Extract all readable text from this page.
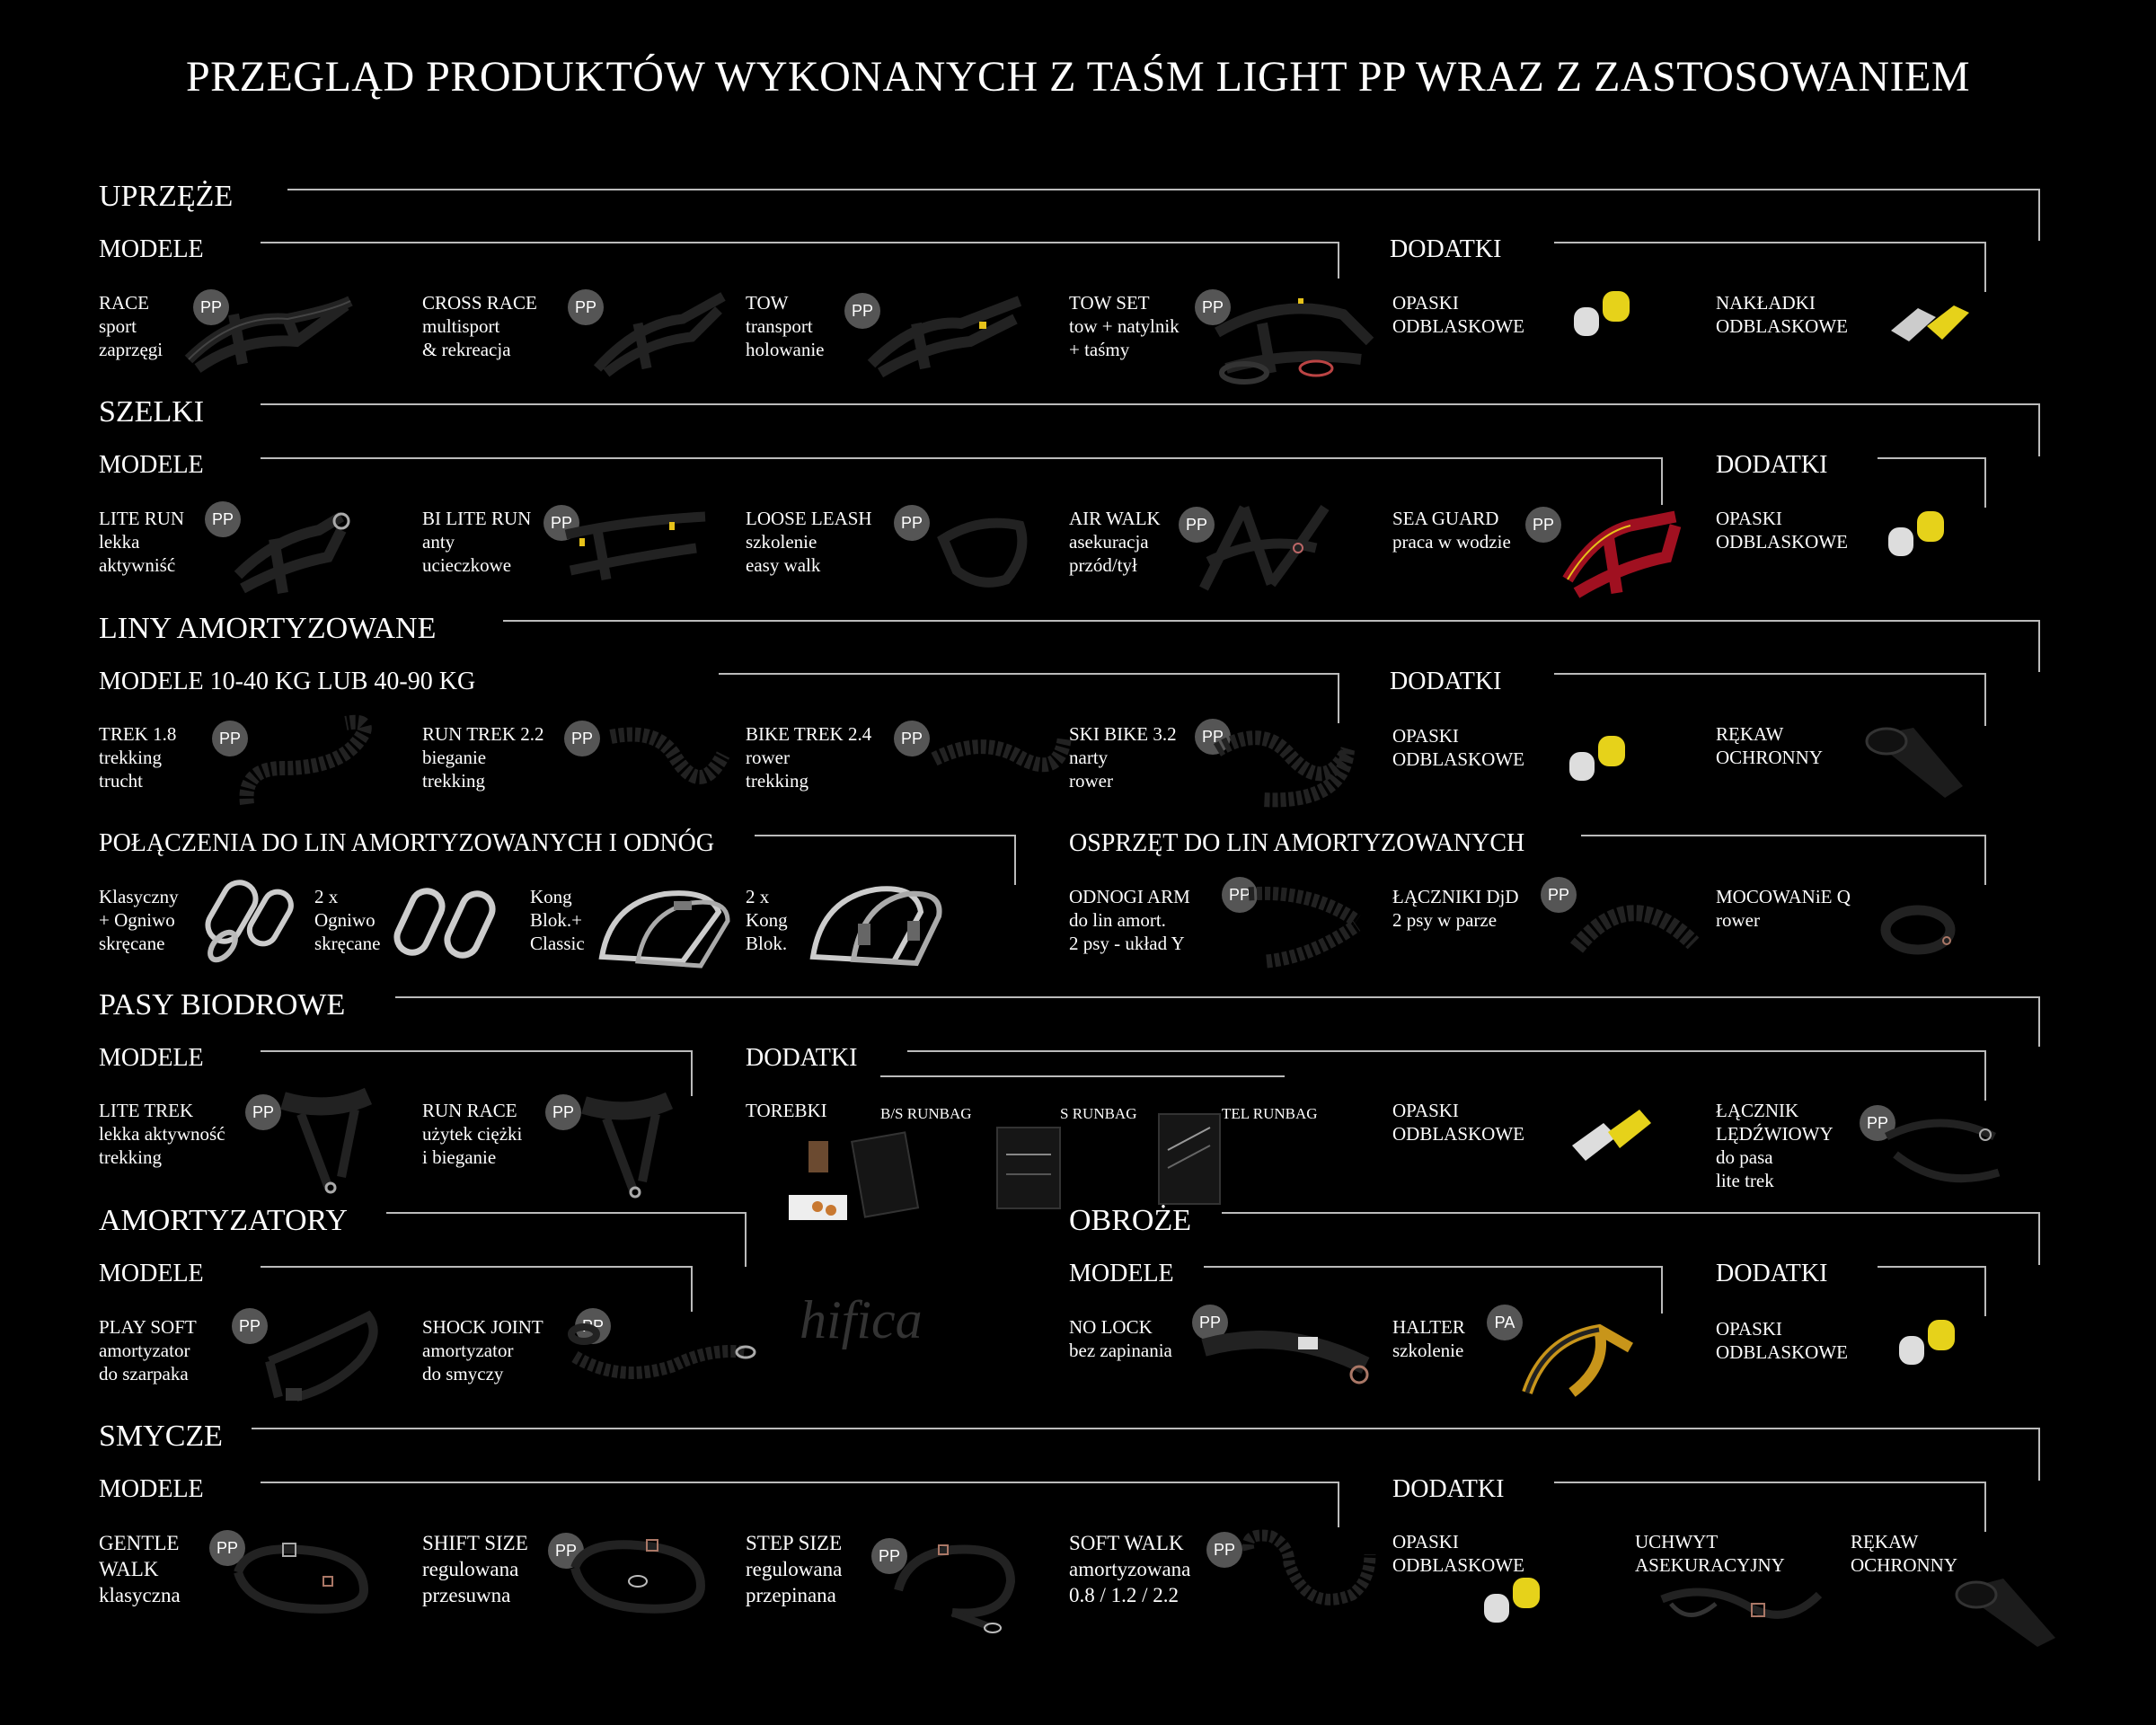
PRZEGLĄD PRODUKTÓW WYKONANYCH Z TAŚM LIGHT PP WRAZ Z ZASTOSOWANIEM
UPRZĘŻE
MODELE	DODATKI
RACE
sport
zaprzęgi
PP	CROSS RACE
multisport
& rekreacja
PP	TOW
transport
holowanie
PP	TOW SET
tow + natylnik
+ taśmy
PP	OPASKI
ODBLASKOWE
NAKŁADKI
ODBLASKOWE
SZELKI
MODELE	DODATKI
LITE RUN
lekka
aktywniść
PP	BI LITE RUN
anty
ucieczkowe
PP	LOOSE LEASH
szkolenie
easy walk
PP	AIR WALK
asekuracja
przód/tył
PP	SEA GUARD
praca w wodzie
PP	OPASKI
ODBLASKOWE
LINY AMORTYZOWANE
MODELE 10-40 KG LUB 40-90 KG	DODATKI
TREK 1.8
trekking
trucht
PP	RUN TREK 2.2
bieganie
trekking
PP	BIKE TREK 2.4
rower
trekking
PP	SKI BIKE 3.2
narty
rower
PP	OPASKI
ODBLASKOWE
RĘKAW
OCHRONNY
POŁĄCZENIA DO LIN AMORTYZOWANYCH I ODNÓG	OSPRZĘT DO LIN AMORTYZOWANYCH
Klasyczny
+ Ogniwo
skręcane
2 x
Ogniwo
skręcane
Kong
Blok.+
Classic
2 x
Kong
Blok.
ODNOGI ARM
do lin amort.
2 psy - układ Y
PP	ŁĄCZNIKI DjD
2 psy w parze
PP	MOCOWANiE Q
rower
PASY BIODROWE
MODELE	DODATKI
LITE TREK
lekka aktywność
trekking
PP	RUN RACE
użytek ciężki
i bieganie
PP	TOREBKI	B/S RUNBAG	S RUNBAG	TEL RUNBAG	OPASKI
ODBLASKOWE
ŁĄCZNIK
LĘDŹWIOWY
do pasa
lite trek
PP
AMORTYZATORY
MODELE
PLAY SOFT
amortyzator
do szarpaka
PP	SHOCK JOINT
amortyzator
do smyczy
PP	hifica
OBROŻE
MODELE	DODATKI
NO LOCK
bez zapinania
PP	HALTER
szkolenie
PA	OPASKI
ODBLASKOWE
SMYCZE
MODELE	DODATKI
GENTLE
WALK
klasyczna
PP	SHIFT SIZE
regulowana
przesuwna
PP	STEP SIZE
regulowana
przepinana
PP
SOFT WALK
amortyzowana
0.8 / 1.2 / 2.2
PP	OPASKI
ODBLASKOWE
UCHWYT
ASEKURACYJNY
RĘKAW
OCHRONNY
